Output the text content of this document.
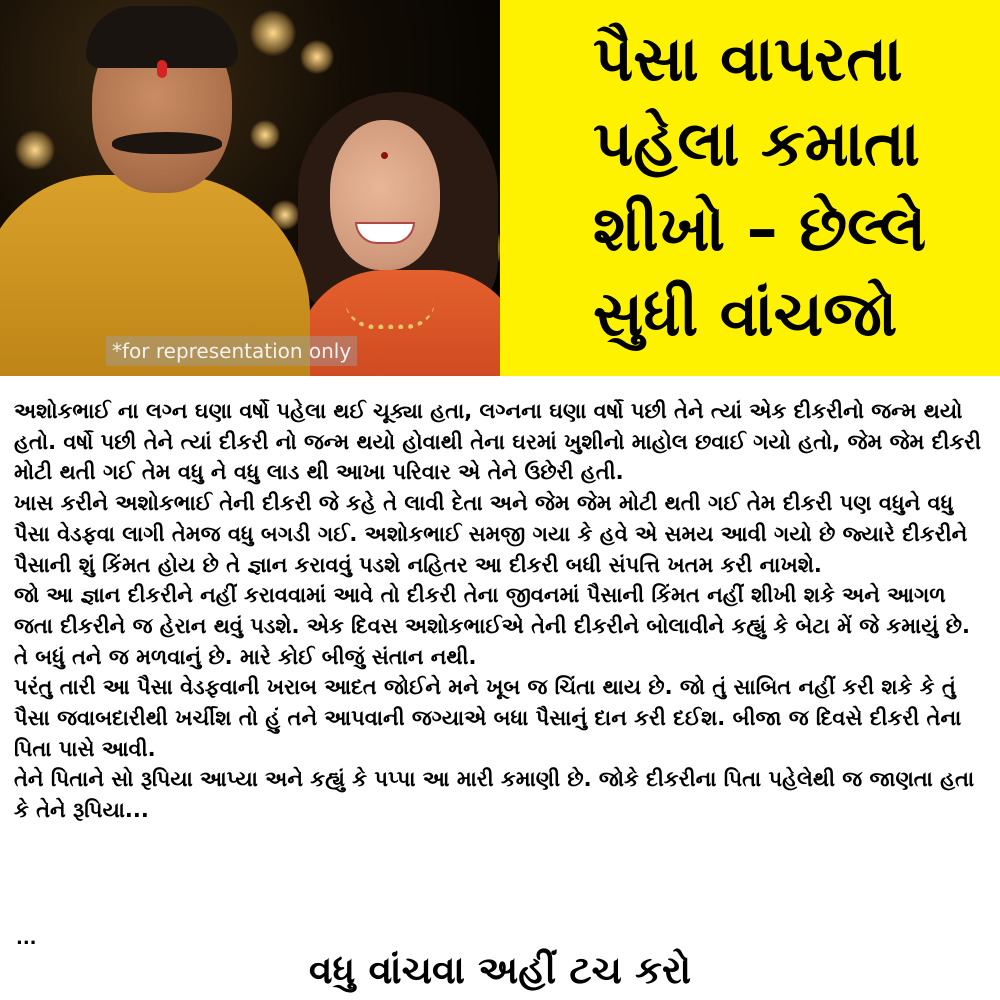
*for representation only
પૈસા વાપરતા
પહેલા કમાતા
શીખો – છેલ્લે
સુધી વાંચજો

અશોકભાઈ ના લગ્ન ઘણા વર્ષો પહેલા થઈ ચૂક્યા હતા, લગ્નના ઘણા વર્ષો પછી તેને ત્યાં એક દીકરીનો જન્મ થયો હતો. વર્ષો પછી તેને ત્યાં દીકરી નો જન્મ થયો હોવાથી તેના ઘરમાં ખુશીનો માહોલ છવાઈ ગયો હતો, જેમ જેમ દીકરી મોટી થતી ગઈ તેમ વધુ ને વધુ લાડ થી આખા પરિવાર એ તેને ઉછેરી હતી.

ખાસ કરીને અશોકભાઈ તેની દીકરી જે કહે તે લાવી દેતા અને જેમ જેમ મોટી થતી ગઈ તેમ દીકરી પણ વધુને વધુ પૈસા વેડફવા લાગી તેમજ વધુ બગડી ગઈ. અશોકભાઈ સમજી ગયા કે હવે એ સમય આવી ગયો છે જ્યારે દીકરીને પૈસાની શું કિંમત હોય છે તે જ્ઞાન કરાવવું પડશે નહિતર આ દીકરી બધી સંપત્તિ ખતમ કરી નાખશે.

જો આ જ્ઞાન દીકરીને નહીં કરાવવામાં આવે તો દીકરી તેના જીવનમાં પૈસાની કિંમત નહીં શીખી શકે અને આગળ જતા દીકરીને જ હેરાન થવું પડશે. એક દિવસ અશોકભાઈએ તેની દીકરીને બોલાવીને કહ્યું કે બેટા મેં જે કમાયું છે. તે બધું તને જ મળવાનું છે. મારે કોઈ બીજું સંતાન નથી.

પરંતુ તારી આ પૈસા વેડફવાની ખરાબ આદત જોઈને મને ખૂબ જ ચિંતા થાય છે. જો તું સાબિત નહીં કરી શકે કે તું પૈસા જવાબદારીથી ખર્ચીશ તો હું તને આપવાની જગ્યાએ બધા પૈસાનું દાન કરી દઈશ. બીજા જ દિવસે દીકરી તેના પિતા પાસે આવી.

તેને પિતાને સો રૂપિયા આપ્યા અને કહ્યું કે પપ્પા આ મારી કમાણી છે. જોકે દીકરીના પિતા પહેલેથી જ જાણતા હતા કે તેને રૂપિયા...

...
વધુ વાંચવા અહીં ટચ કરો
